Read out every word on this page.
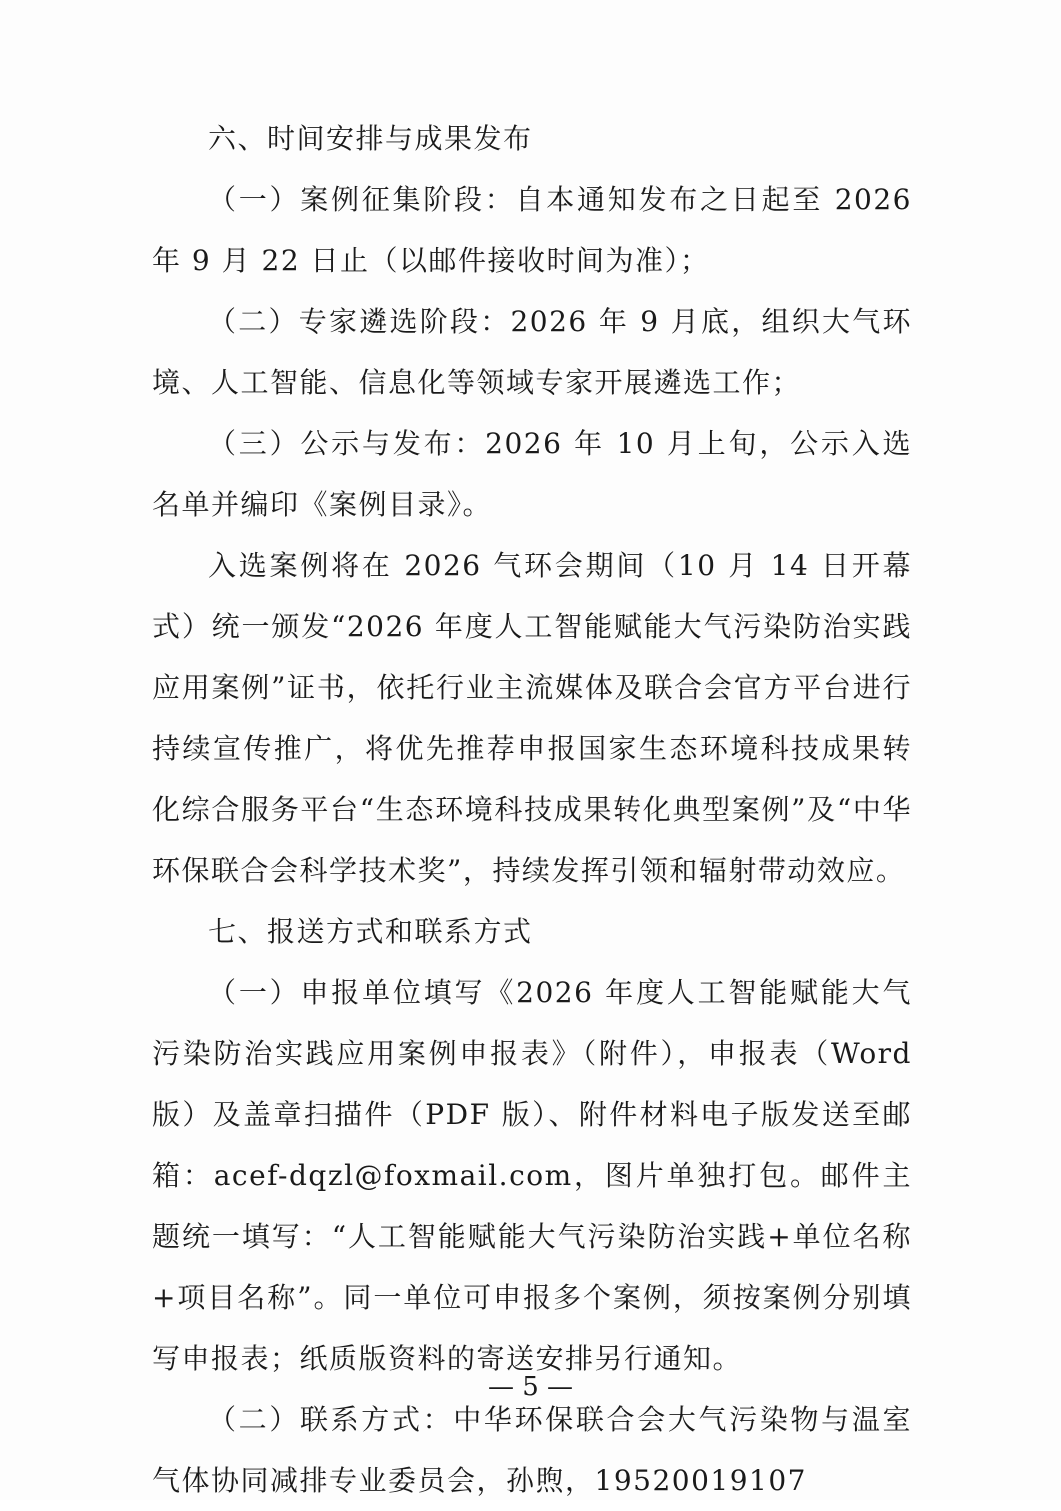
六、时间安排与成果发布

（一）案例征集阶段：自本通知发布之日起至 2026 年 9 月 22 日止（以邮件接收时间为准）；

（二）专家遴选阶段：2026 年 9 月底，组织大气环境、人工智能、信息化等领域专家开展遴选工作；

（三）公示与发布：2026 年 10 月上旬，公示入选名单并编印《案例目录》。

入选案例将在 2026 气环会期间（10 月 14 日开幕式）统一颁发“2026 年度人工智能赋能大气污染防治实践应用案例”证书，依托行业主流媒体及联合会官方平台进行持续宣传推广，将优先推荐申报国家生态环境科技成果转化综合服务平台“生态环境科技成果转化典型案例”及“中华环保联合会科学技术奖”，持续发挥引领和辐射带动效应。

七、报送方式和联系方式

（一）申报单位填写《2026 年度人工智能赋能大气污染防治实践应用案例申报表》（附件），申报表（Word 版）及盖章扫描件（PDF 版）、附件材料电子版发送至邮箱：acef-dqzl@foxmail.com，图片单独打包。邮件主题统一填写：“人工智能赋能大气污染防治实践+单位名称+项目名称”。同一单位可申报多个案例，须按案例分别填写申报表；纸质版资料的寄送安排另行通知。

（二）联系方式：中华环保联合会大气污染物与温室气体协同减排专业委员会，孙煦，19520019107

— 5 —
